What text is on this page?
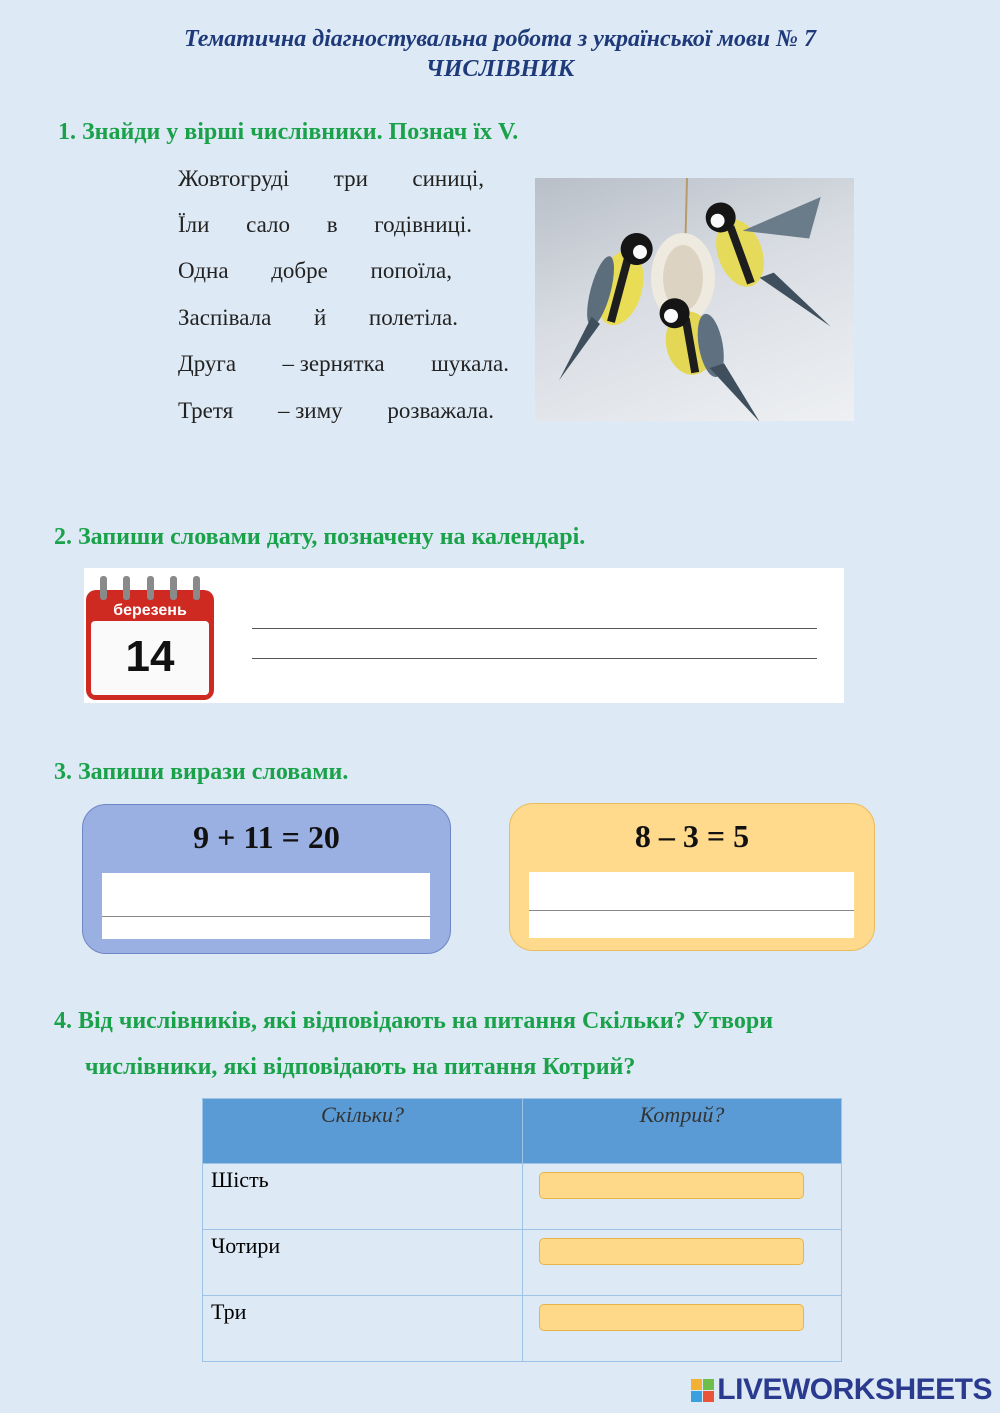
Тематична діагностувальна робота з української мови № 7
ЧИСЛІВНИК
1. Знайди у вірші числівники. Познач їх V.
Жовтогруді три синиці,
Їли сало в годівниці.
Одна добре попоїла,
Заспівала й полетіла.
Друга – зернятка шукала.
Третя – зиму розважала.
2. Запиши словами дату, позначену на календарі.
березень
14
3. Запиши вирази словами.
9 + 11 = 20	8 – 3 = 5
4. Від числівників, які відповідають на питання Скільки? Утвори
числівники, які відповідають на питання Котрий?
Скільки?	Котрий?
Шість	

Чотири	

Три	
LIVEWORKSHEETS
